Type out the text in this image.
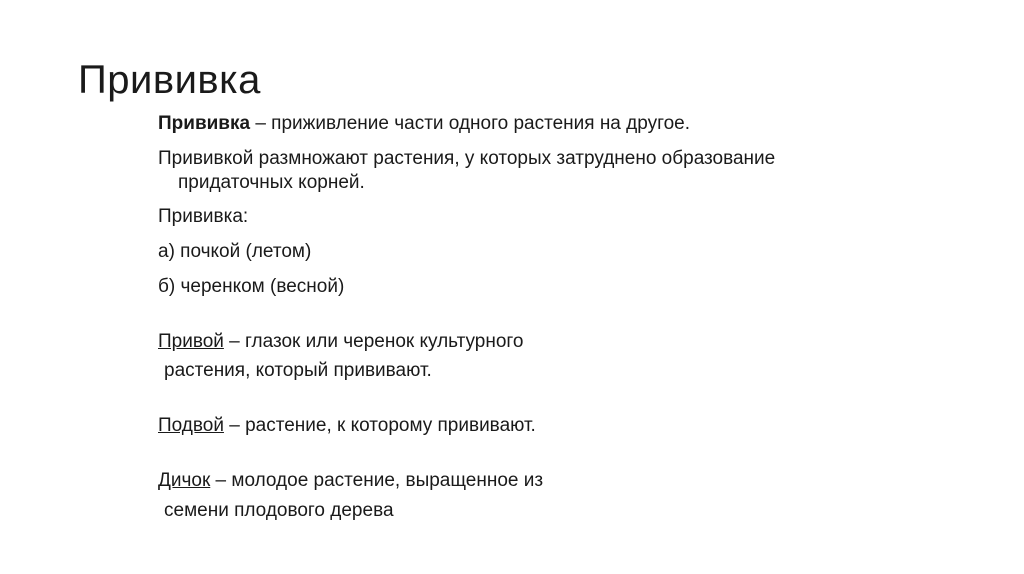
Прививка

Прививка – приживление части одного растения на другое.

Прививкой размножают растения, у которых затруднено образование
придаточных корней.

Прививка:

а) почкой (летом)

б) черенком (весной)

Привой – глазок или черенок культурного

растения, который прививают.

Подвой – растение, к которому прививают.

Дичок – молодое растение, выращенное из

семени плодового дерева
